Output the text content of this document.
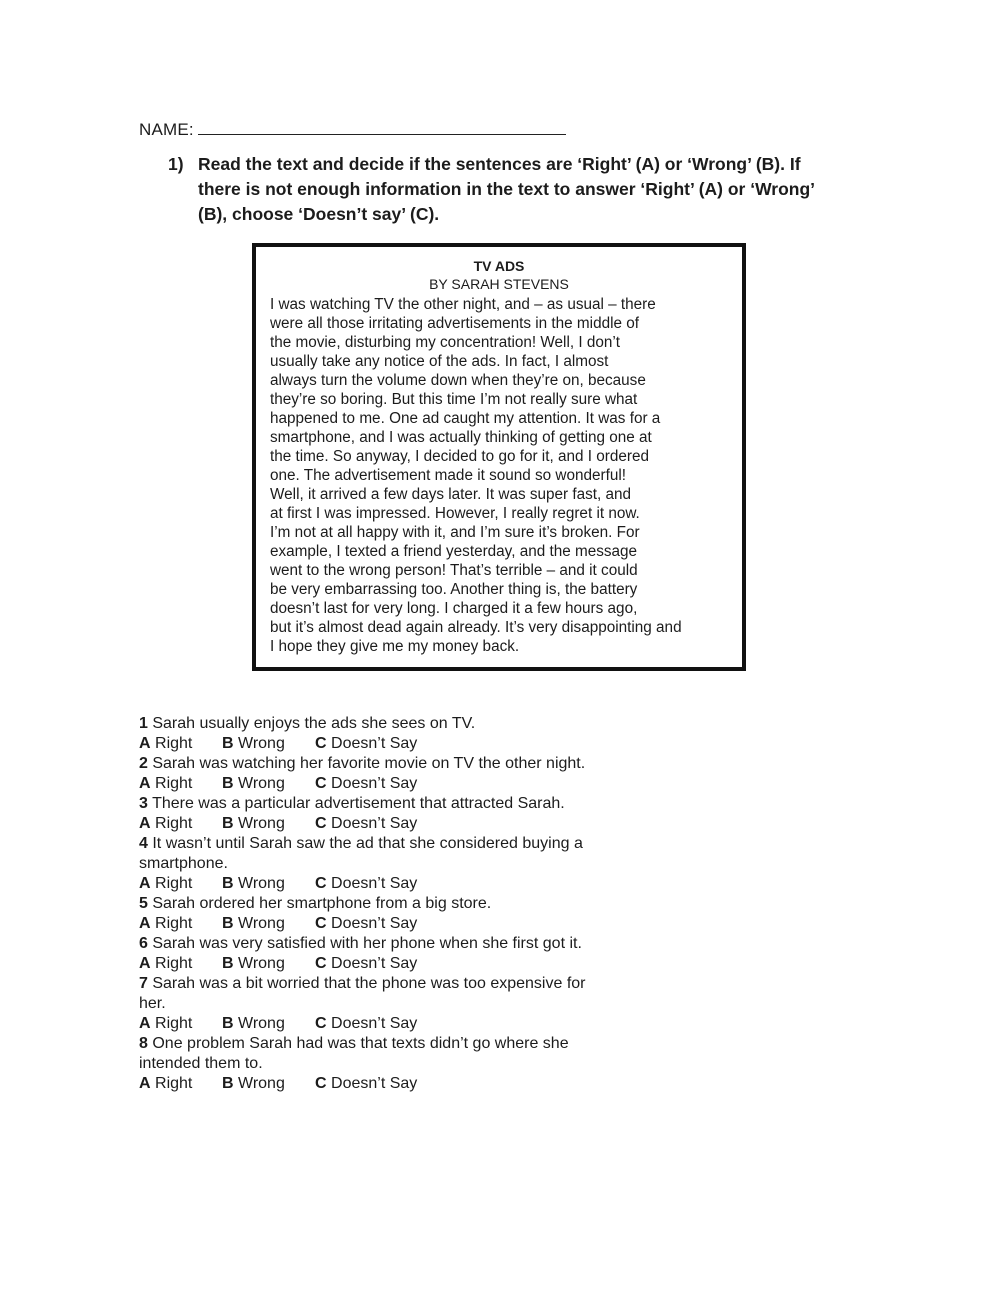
NAME:
1) Read the text and decide if the sentences are ‘Right’ (A) or ‘Wrong’ (B). If there is not enough information in the text to answer ‘Right’ (A) or ‘Wrong’ (B), choose ‘Doesn’t say’ (C).
TV ADS
BY SARAH STEVENS
I was watching TV the other night, and – as usual – there
were all those irritating advertisements in the middle of
the movie, disturbing my concentration! Well, I don’t
usually take any notice of the ads. In fact, I almost
always turn the volume down when they’re on, because
they’re so boring. But this time I’m not really sure what
happened to me. One ad caught my attention. It was for a
smartphone, and I was actually thinking of getting one at
the time. So anyway, I decided to go for it, and I ordered
one. The advertisement made it sound so wonderful!
Well, it arrived a few days later. It was super fast, and
at first I was impressed. However, I really regret it now.
I’m not at all happy with it, and I’m sure it’s broken. For
example, I texted a friend yesterday, and the message
went to the wrong person! That’s terrible – and it could
be very embarrassing too. Another thing is, the battery
doesn’t last for very long. I charged it a few hours ago,
but it’s almost dead again already. It’s very disappointing and
I hope they give me my money back.

1 Sarah usually enjoys the ads she sees on TV.

A Right	B Wrong	C Doesn’t Say

2 Sarah was watching her favorite movie on TV the other night.

A Right	B Wrong	C Doesn’t Say

3 There was a particular advertisement that attracted Sarah.

A Right	B Wrong	C Doesn’t Say

4 It wasn’t until Sarah saw the ad that she considered buying a smartphone.

A Right	B Wrong	C Doesn’t Say

5 Sarah ordered her smartphone from a big store.

A Right	B Wrong	C Doesn’t Say

6 Sarah was very satisfied with her phone when she first got it.

A Right	B Wrong	C Doesn’t Say

7 Sarah was a bit worried that the phone was too expensive for her.

A Right	B Wrong	C Doesn’t Say

8 One problem Sarah had was that texts didn’t go where she intended them to.

A Right	B Wrong	C Doesn’t Say
